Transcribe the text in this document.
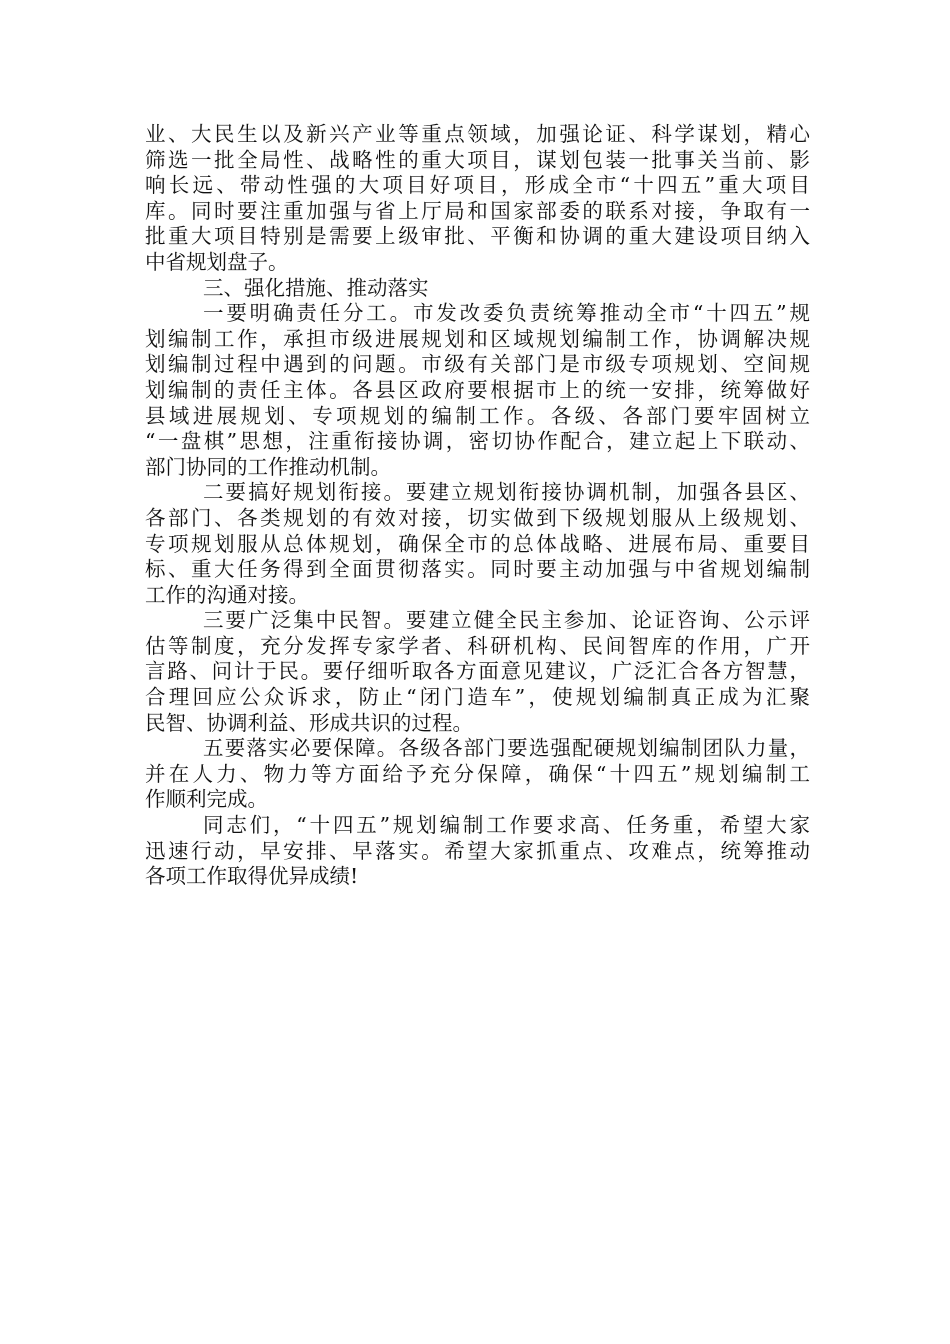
业、大民生以及新兴产业等重点领域，加强论证、科学谋划，精心
筛选一批全局性、战略性的重大项目，谋划包装一批事关当前、影
响长远、带动性强的大项目好项目，形成全市“十四五”重大项目
库。同时要注重加强与省上厅局和国家部委的联系对接，争取有一
批重大项目特别是需要上级审批、平衡和协调的重大建设项目纳入
中省规划盘子。
三、强化措施、推动落实
一要明确责任分工。市发改委负责统筹推动全市“十四五”规
划编制工作，承担市级进展规划和区域规划编制工作，协调解决规
划编制过程中遇到的问题。市级有关部门是市级专项规划、空间规
划编制的责任主体。各县区政府要根据市上的统一安排，统筹做好
县域进展规划、专项规划的编制工作。各级、各部门要牢固树立
“一盘棋”思想，注重衔接协调，密切协作配合，建立起上下联动、
部门协同的工作推动机制。
二要搞好规划衔接。要建立规划衔接协调机制，加强各县区、
各部门、各类规划的有效对接，切实做到下级规划服从上级规划、
专项规划服从总体规划，确保全市的总体战略、进展布局、重要目
标、重大任务得到全面贯彻落实。同时要主动加强与中省规划编制
工作的沟通对接。
三要广泛集中民智。要建立健全民主参加、论证咨询、公示评
估等制度，充分发挥专家学者、科研机构、民间智库的作用，广开
言路、问计于民。要仔细听取各方面意见建议，广泛汇合各方智慧，
合理回应公众诉求，防止“闭门造车”，使规划编制真正成为汇聚
民智、协调利益、形成共识的过程。
五要落实必要保障。各级各部门要选强配硬规划编制团队力量，
并在人力、物力等方面给予充分保障，确保“十四五”规划编制工
作顺利完成。
同志们，“十四五”规划编制工作要求高、任务重，希望大家
迅速行动，早安排、早落实。希望大家抓重点、攻难点，统筹推动
各项工作取得优异成绩!
